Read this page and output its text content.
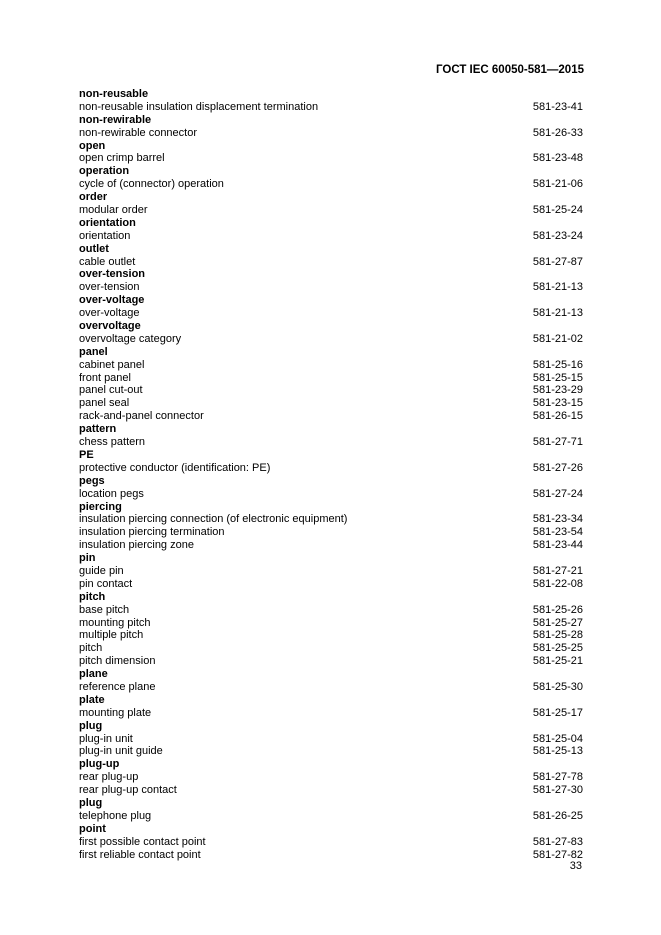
ГОСТ IEC 60050-581—2015
non-reusable
non-reusable insulation displacement termination	581-23-41
non-rewirable
non-rewirable connector	581-26-33
open
open crimp barrel	581-23-48
operation
cycle of (connector) operation	581-21-06
order
modular order	581-25-24
orientation
orientation	581-23-24
outlet
cable outlet	581-27-87
over-tension
over-tension	581-21-13
over-voltage
over-voltage	581-21-13
overvoltage
overvoltage category	581-21-02
panel
cabinet panel	581-25-16
front panel	581-25-15
panel cut-out	581-23-29
panel seal	581-23-15
rack-and-panel connector	581-26-15
pattern
chess pattern	581-27-71
PE
protective conductor (identification: PE)	581-27-26
pegs
location pegs	581-27-24
piercing
insulation piercing connection (of electronic equipment)	581-23-34
insulation piercing termination	581-23-54
insulation piercing zone	581-23-44
pin
guide pin	581-27-21
pin contact	581-22-08
pitch
base pitch	581-25-26
mounting pitch	581-25-27
multiple pitch	581-25-28
pitch	581-25-25
pitch dimension	581-25-21
plane
reference plane	581-25-30
plate
mounting plate	581-25-17
plug
plug-in unit	581-25-04
plug-in unit guide	581-25-13
plug-up
rear plug-up	581-27-78
rear plug-up contact	581-27-30
plug
telephone plug	581-26-25
point
first possible contact point	581-27-83
first reliable contact point	581-27-82
33
